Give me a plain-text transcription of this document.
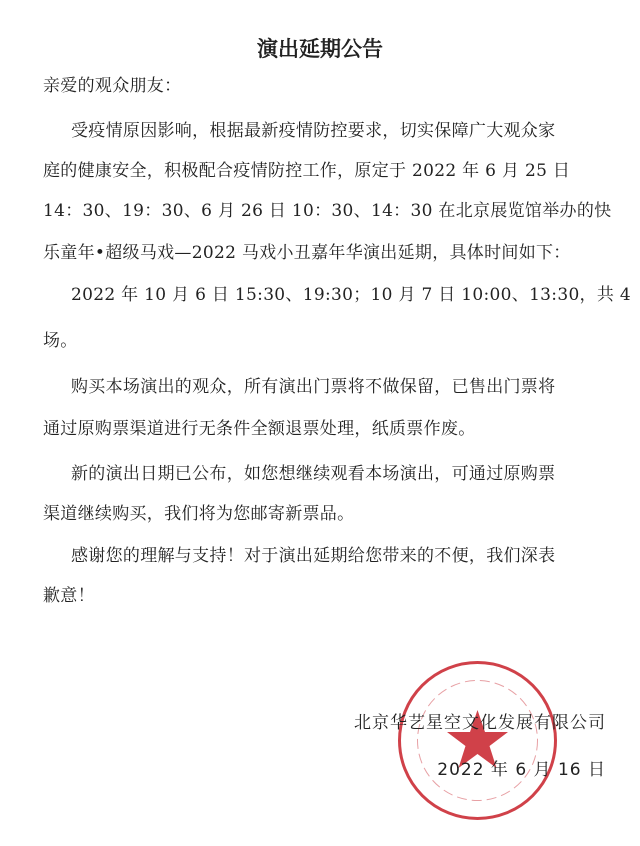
演出延期公告
亲爱的观众朋友：
受疫情原因影响，根据最新疫情防控要求，切实保障广大观众家
庭的健康安全，积极配合疫情防控工作，原定于 2022 年 6 月 25 日
14：30、19：30、6 月 26 日 10：30、14：30 在北京展览馆举办的快
乐童年•超级马戏—2022 马戏小丑嘉年华演出延期，具体时间如下：
2022 年 10 月 6 日 15:30、19:30；10 月 7 日 10:00、13:30，共 4
场。
购买本场演出的观众，所有演出门票将不做保留，已售出门票将
通过原购票渠道进行无条件全额退票处理，纸质票作废。
新的演出日期已公布，如您想继续观看本场演出，可通过原购票
渠道继续购买，我们将为您邮寄新票品。
感谢您的理解与支持！对于演出延期给您带来的不便，我们深表
歉意！
北京华艺星空文化发展有限公司
2022 年 6 月 16 日
